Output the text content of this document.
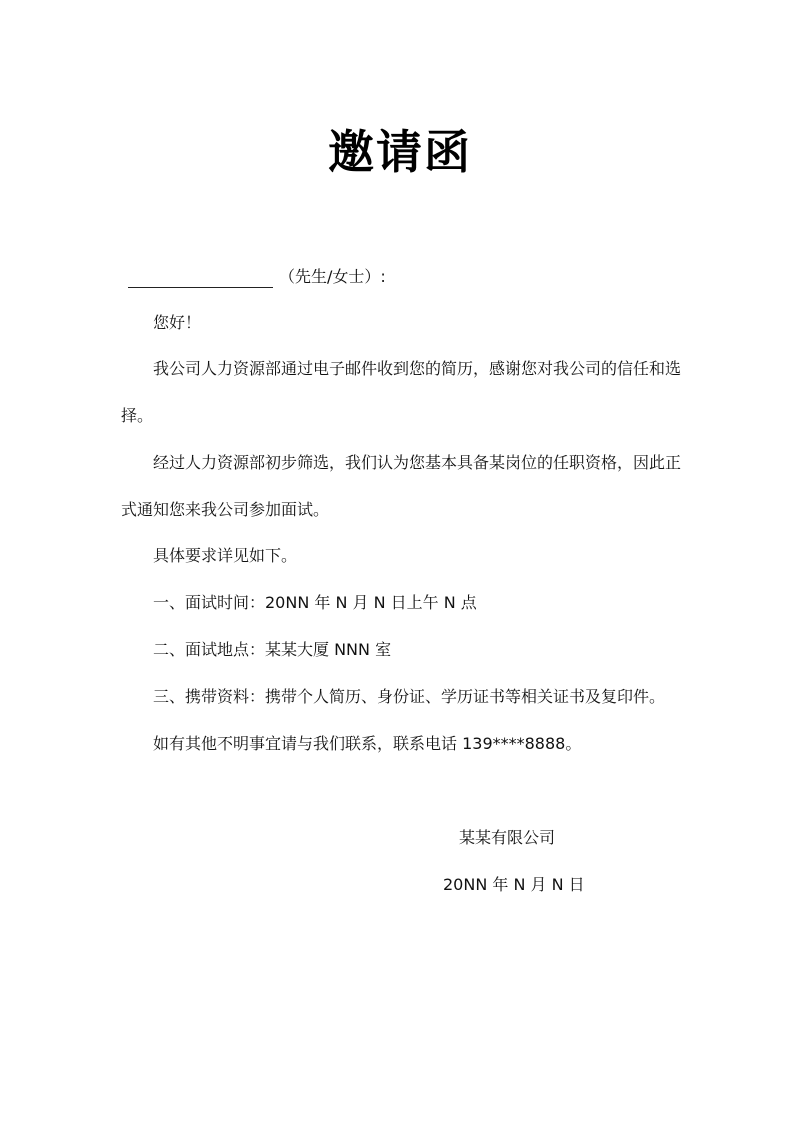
邀请函
（先生/女士）:
您好！
我公司人力资源部通过电子邮件收到您的简历，感谢您对我公司的信任和选
择。
经过人力资源部初步筛选，我们认为您基本具备某岗位的任职资格，因此正
式通知您来我公司参加面试。
具体要求详见如下。
一、面试时间：20NN 年 N 月 N 日上午 N 点
二、面试地点：某某大厦 NNN 室
三、携带资料：携带个人简历、身份证、学历证书等相关证书及复印件。
如有其他不明事宜请与我们联系，联系电话 139****8888。
某某有限公司
20NN 年 N 月 N 日
